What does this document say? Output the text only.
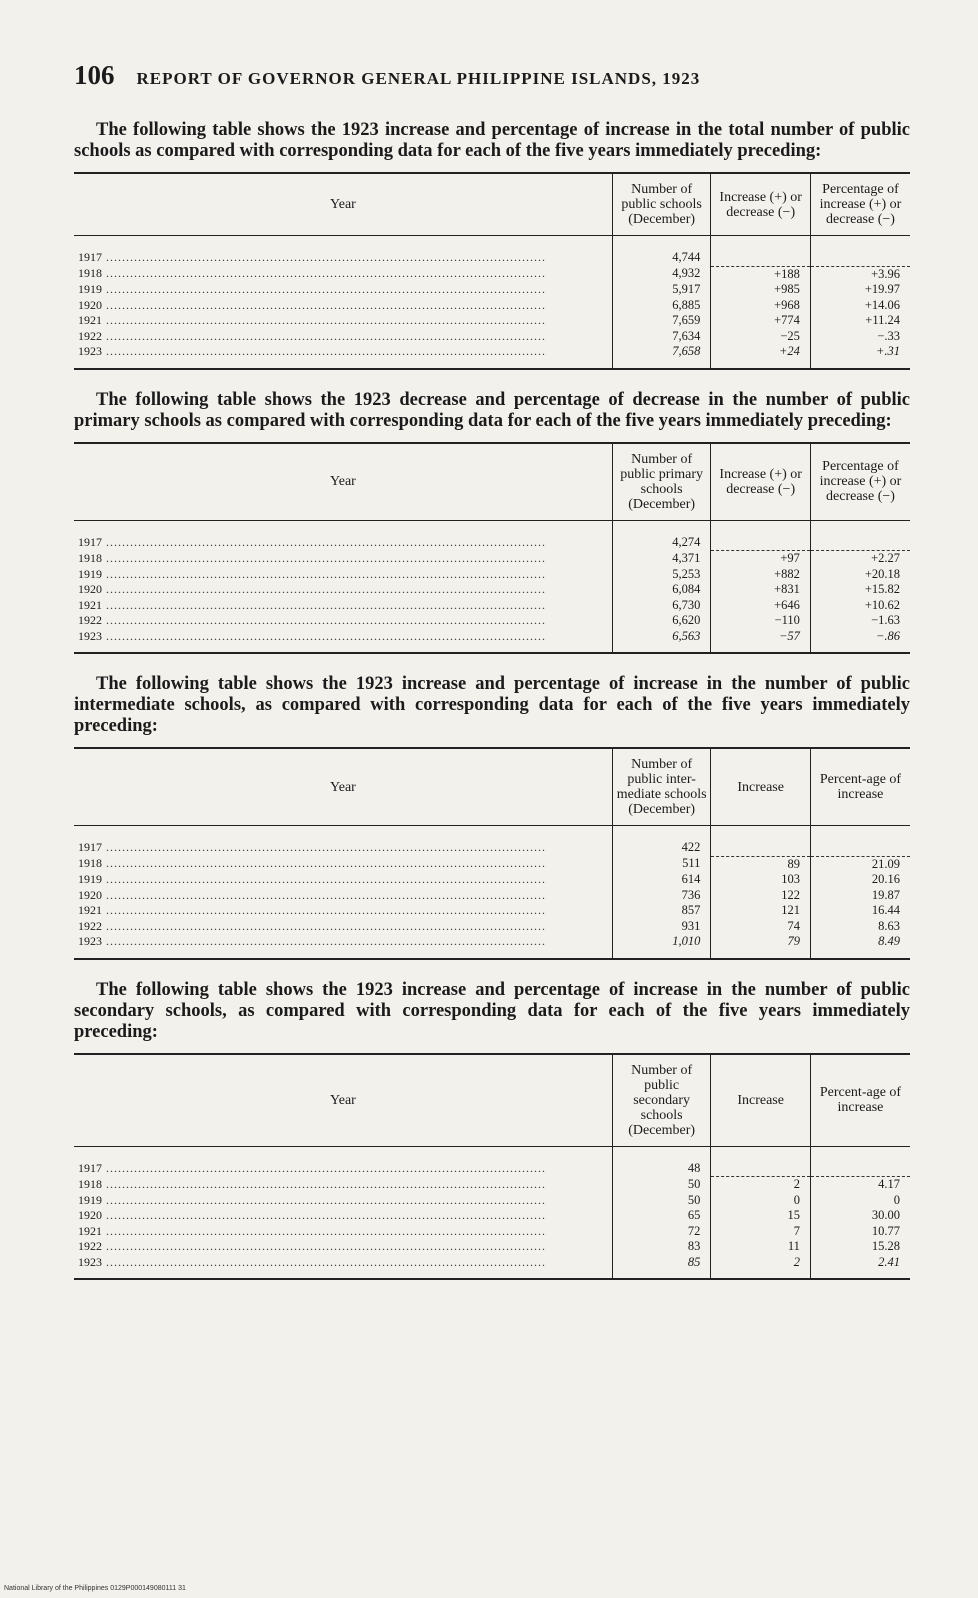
106 REPORT OF GOVERNOR GENERAL PHILIPPINE ISLANDS, 1923

The following table shows the 1923 increase and percentage of increase in the total number of public schools as compared with corresponding data for each of the five years immediately preceding:

Year	Number of public schools (December)	Increase (+) or decrease (−)	Percentage of increase (+) or decrease (−)
1917 ..............................................................................................................	4,744		
1918 ..............................................................................................................	4,932	+188	+3.96
1919 ..............................................................................................................	5,917	+985	+19.97
1920 ..............................................................................................................	6,885	+968	+14.06
1921 ..............................................................................................................	7,659	+774	+11.24
1922 ..............................................................................................................	7,634	−25	−.33
1923 ..............................................................................................................	7,658	+24	+.31

The following table shows the 1923 decrease and percentage of decrease in the number of public primary schools as compared with corresponding data for each of the five years immediately preceding:

Year	Number of public primary schools (December)	Increase (+) or decrease (−)	Percentage of increase (+) or decrease (−)
1917 ..............................................................................................................	4,274		
1918 ..............................................................................................................	4,371	+97	+2.27
1919 ..............................................................................................................	5,253	+882	+20.18
1920 ..............................................................................................................	6,084	+831	+15.82
1921 ..............................................................................................................	6,730	+646	+10.62
1922 ..............................................................................................................	6,620	−110	−1.63
1923 ..............................................................................................................	6,563	−57	−.86

The following table shows the 1923 increase and percentage of increase in the number of public intermediate schools, as compared with corresponding data for each of the five years immediately preceding:

Year	Number of public inter-mediate schools (December)	Increase	Percent-age of increase
1917 ..............................................................................................................	422		
1918 ..............................................................................................................	511	89	21.09
1919 ..............................................................................................................	614	103	20.16
1920 ..............................................................................................................	736	122	19.87
1921 ..............................................................................................................	857	121	16.44
1922 ..............................................................................................................	931	74	8.63
1923 ..............................................................................................................	1,010	79	8.49

The following table shows the 1923 increase and percentage of increase in the number of public secondary schools, as compared with corresponding data for each of the five years immediately preceding:

Year	Number of public secondary schools (December)	Increase	Percent-age of increase
1917 ..............................................................................................................	48		
1918 ..............................................................................................................	50	2	4.17
1919 ..............................................................................................................	50	0	0
1920 ..............................................................................................................	65	15	30.00
1921 ..............................................................................................................	72	7	10.77
1922 ..............................................................................................................	83	11	15.28
1923 ..............................................................................................................	85	2	2.41
National Library of the Philippines 0129P000149080111 31
